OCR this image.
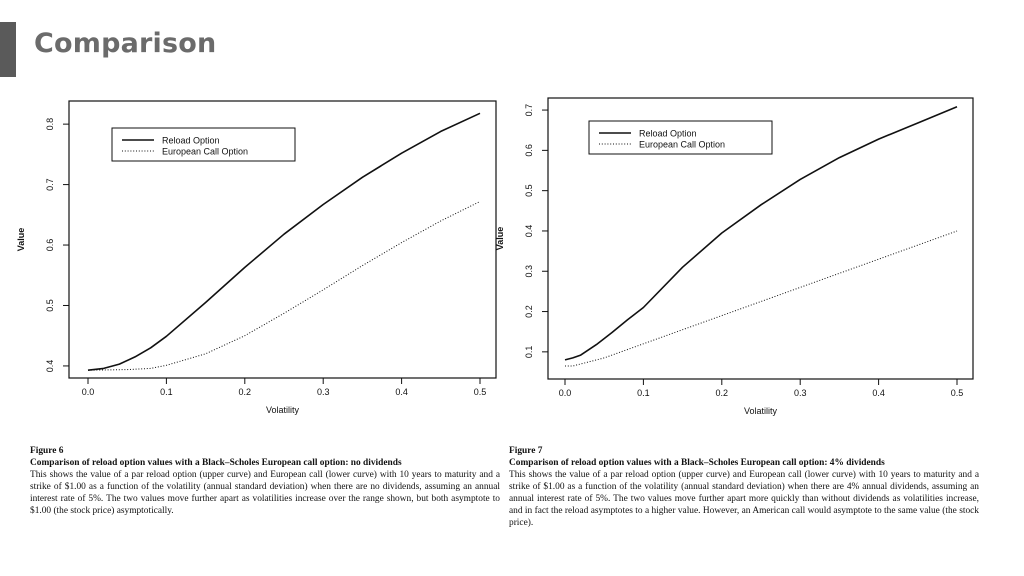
Comparison
0.0	0.1	0.2	0.3	0.4	0.5
0.4
0.5
0.6
0.7
0.8
Volatility
Value
Reload Option
European Call Option
0.0	0.1	0.2	0.3	0.4	0.5
0.1
0.2
0.3
0.4
0.5
0.6
0.7
Volatility
Value
Reload Option
European Call Option
Figure 6
Comparison of reload option values with a Black–Scholes European call option: no dividends
This shows the value of a par reload option (upper curve) and European call (lower curve) with 10 years to maturity and a strike of $1.00 as a function of the volatility (annual standard deviation) when there are no dividends, assuming an annual interest rate of 5%. The two values move further apart as volatilities increase over the range shown, but both asymptote to $1.00 (the stock price) asymptotically.
Figure 7
Comparison of reload option values with a Black–Scholes European call option: 4% dividends
This shows the value of a par reload option (upper curve) and European call (lower curve) with 10 years to maturity and a strike of $1.00 as a function of the volatility (annual standard deviation) when there are 4% annual dividends, assuming an annual interest rate of 5%. The two values move further apart more quickly than without dividends as volatilities increase, and in fact the reload asymptotes to a higher value. However, an American call would asymptote to the same value (the stock price).
